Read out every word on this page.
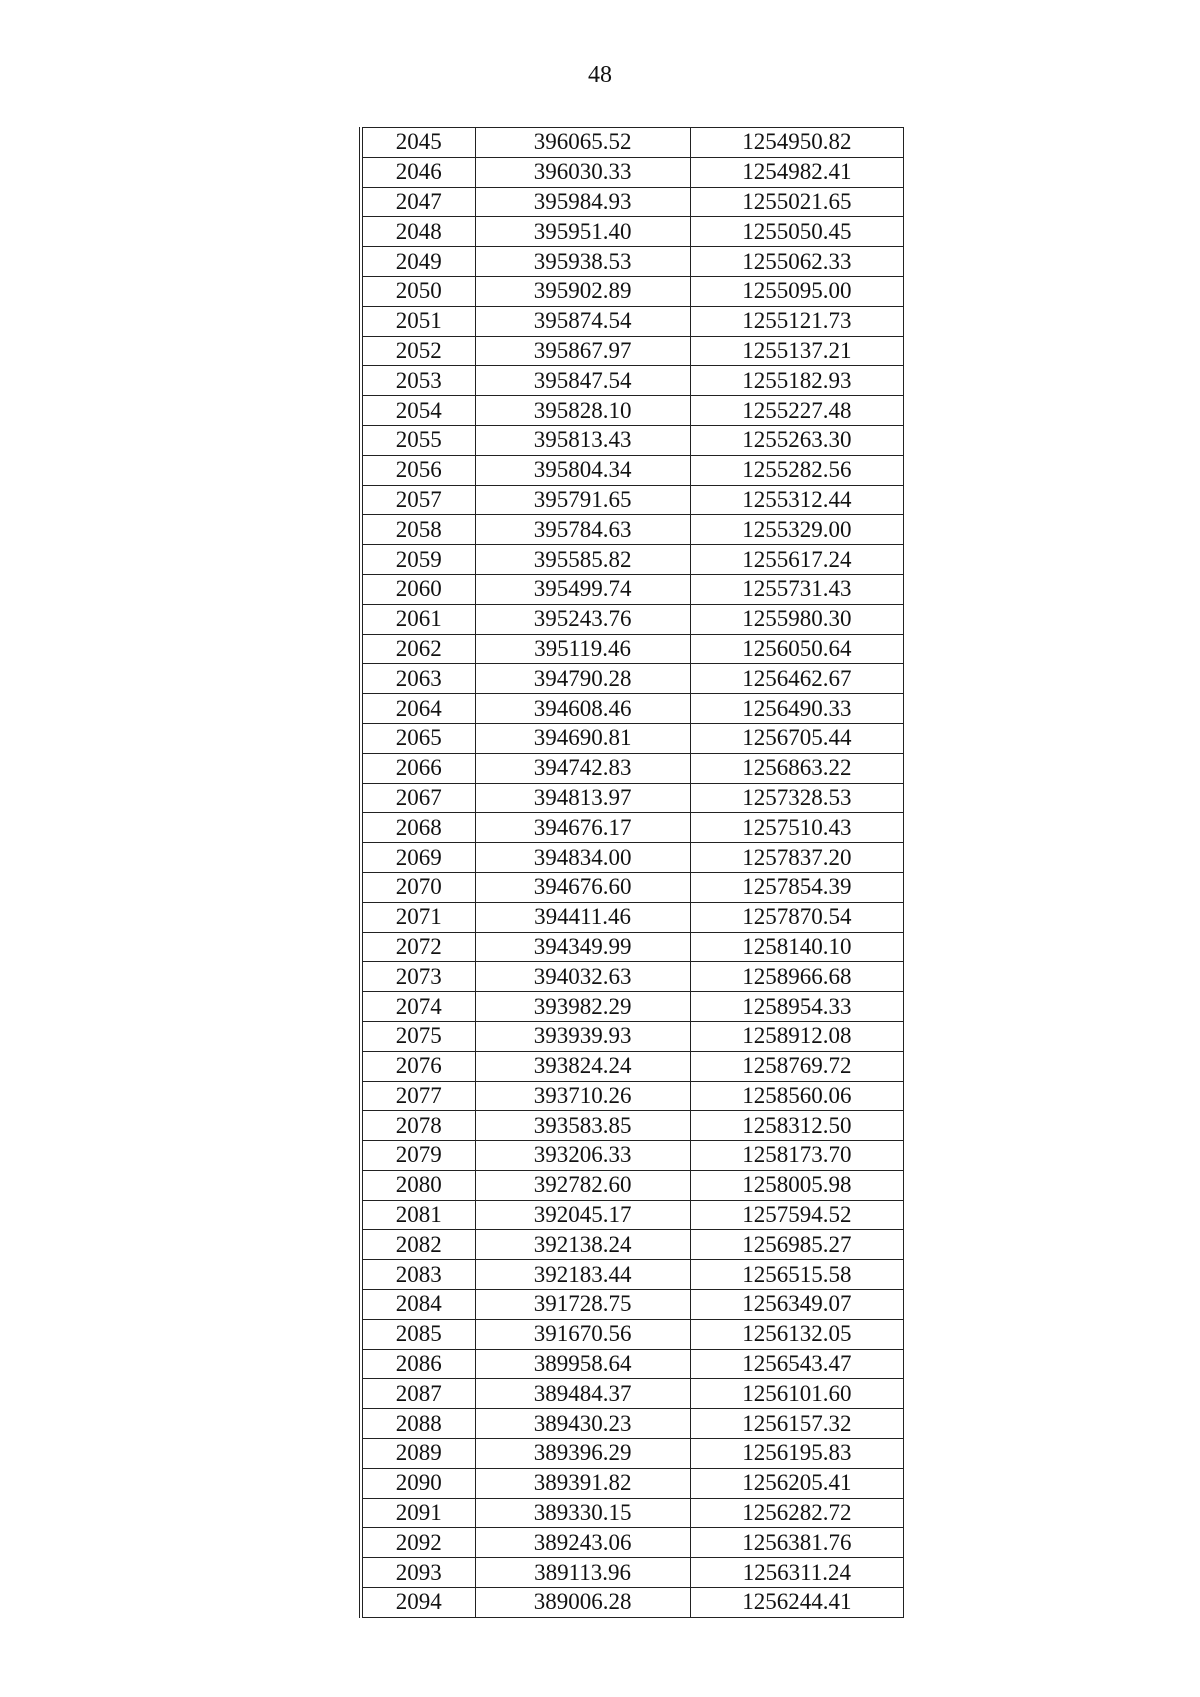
48
2045	396065.52	1254950.82
2046	396030.33	1254982.41
2047	395984.93	1255021.65
2048	395951.40	1255050.45
2049	395938.53	1255062.33
2050	395902.89	1255095.00
2051	395874.54	1255121.73
2052	395867.97	1255137.21
2053	395847.54	1255182.93
2054	395828.10	1255227.48
2055	395813.43	1255263.30
2056	395804.34	1255282.56
2057	395791.65	1255312.44
2058	395784.63	1255329.00
2059	395585.82	1255617.24
2060	395499.74	1255731.43
2061	395243.76	1255980.30
2062	395119.46	1256050.64
2063	394790.28	1256462.67
2064	394608.46	1256490.33
2065	394690.81	1256705.44
2066	394742.83	1256863.22
2067	394813.97	1257328.53
2068	394676.17	1257510.43
2069	394834.00	1257837.20
2070	394676.60	1257854.39
2071	394411.46	1257870.54
2072	394349.99	1258140.10
2073	394032.63	1258966.68
2074	393982.29	1258954.33
2075	393939.93	1258912.08
2076	393824.24	1258769.72
2077	393710.26	1258560.06
2078	393583.85	1258312.50
2079	393206.33	1258173.70
2080	392782.60	1258005.98
2081	392045.17	1257594.52
2082	392138.24	1256985.27
2083	392183.44	1256515.58
2084	391728.75	1256349.07
2085	391670.56	1256132.05
2086	389958.64	1256543.47
2087	389484.37	1256101.60
2088	389430.23	1256157.32
2089	389396.29	1256195.83
2090	389391.82	1256205.41
2091	389330.15	1256282.72
2092	389243.06	1256381.76
2093	389113.96	1256311.24
2094	389006.28	1256244.41
